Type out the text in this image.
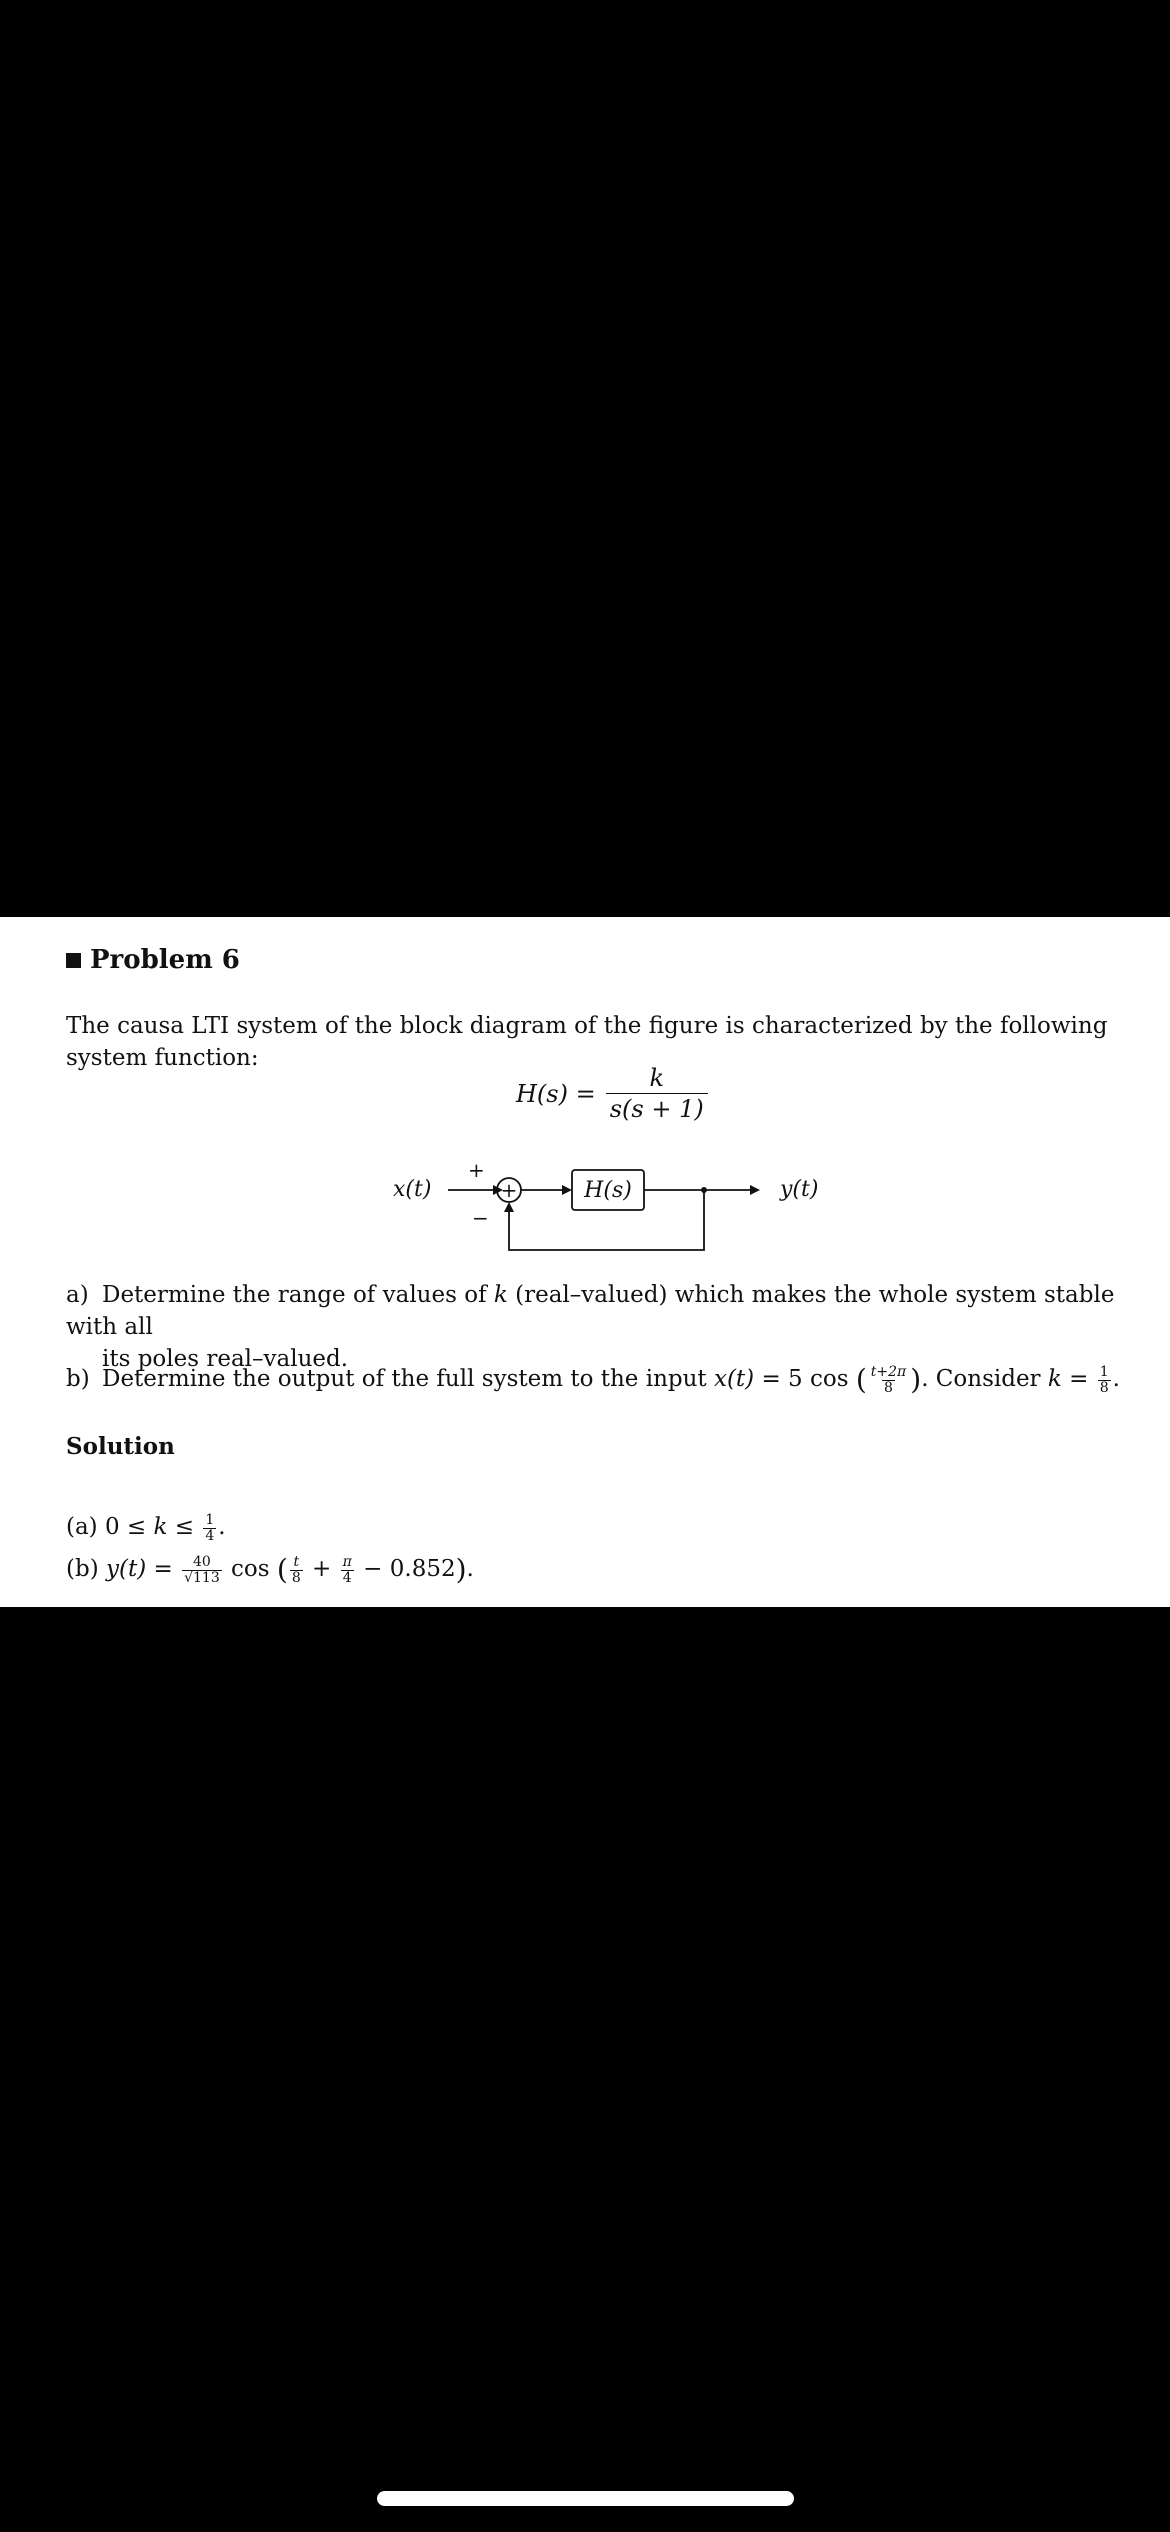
Problem 6
The causa LTI system of the block diagram of the figure is characterized by the following system function:
$H(s) = \frac{k}{s(s + 1)}$
x(t)
+
−
+	H(s)	y(t)
a) Determine the range of values of k (real–valued) which makes the whole system stable with all
its poles real–valued.
b) Determine the output of the full system to the input x(t) = 5 cos ( $\frac{t+2\pi}{8}$ ). Consider $k = \frac{1}{8}$ .
Solution
(a) $0 \le k \le \frac{1}{4}$ .
(b) $y(t) = \frac{40}{√113}$ cos ( $\frac{t}{8} + \frac{\pi}{4} - 0.852$).
